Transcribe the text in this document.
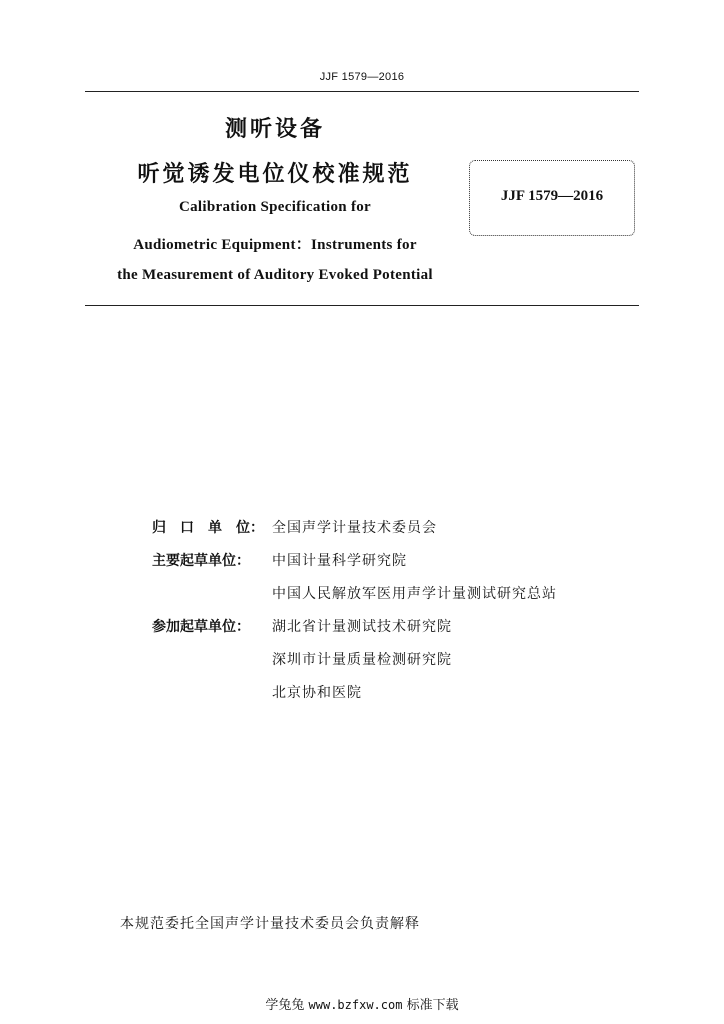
JJF 1579—2016
测听设备
听觉诱发电位仪校准规范
Calibration Specification for
Audiometric Equipment：Instruments for
the Measurement of Auditory Evoked Potential
JJF 1579—2016
归　口　单　位： 全国声学计量技术委员会
主要起草单位：	中国计量科学研究院
中国人民解放军医用声学计量测试研究总站
参加起草单位：	湖北省计量测试技术研究院
深圳市计量质量检测研究院
北京协和医院
本规范委托全国声学计量技术委员会负责解释
学兔兔 www.bzfxw.com 标准下载
